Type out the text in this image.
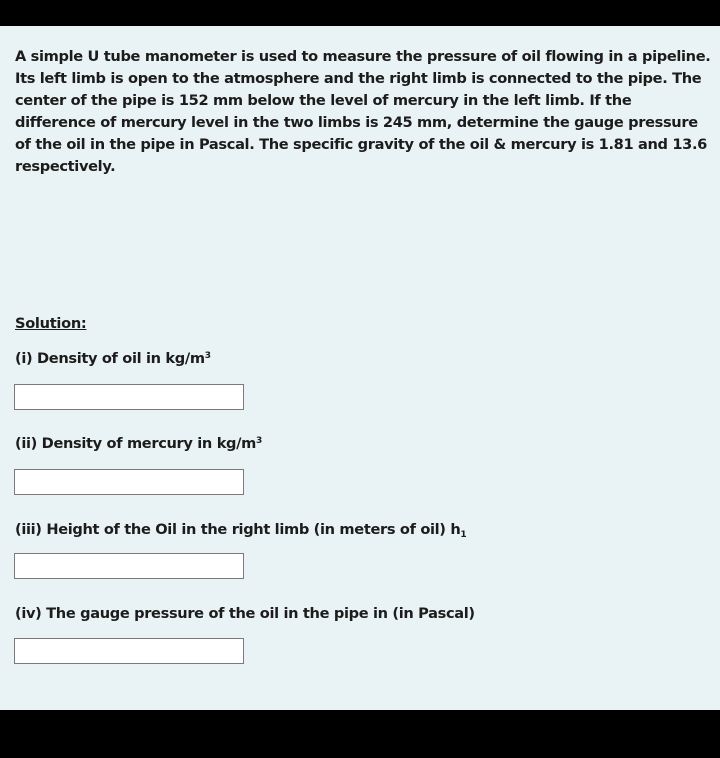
A simple U tube manometer is used to measure the pressure of oil flowing in a pipeline. Its left limb is open to the atmosphere and the right limb is connected to the pipe. The center of the pipe is 152 mm below the level of mercury in the left limb. If the difference of mercury level in the two limbs is 245 mm, determine the gauge pressure of the oil in the pipe in Pascal. The specific gravity of the oil & mercury is 1.81 and 13.6 respectively.

Solution:

(i) Density of oil in $kg/m^3$

(ii) Density of mercury in $kg/m^3$

(iii) Height of the Oil in the right limb (in meters of oil) $h_1$

(iv) The gauge pressure of the oil in the pipe in (in Pascal)
